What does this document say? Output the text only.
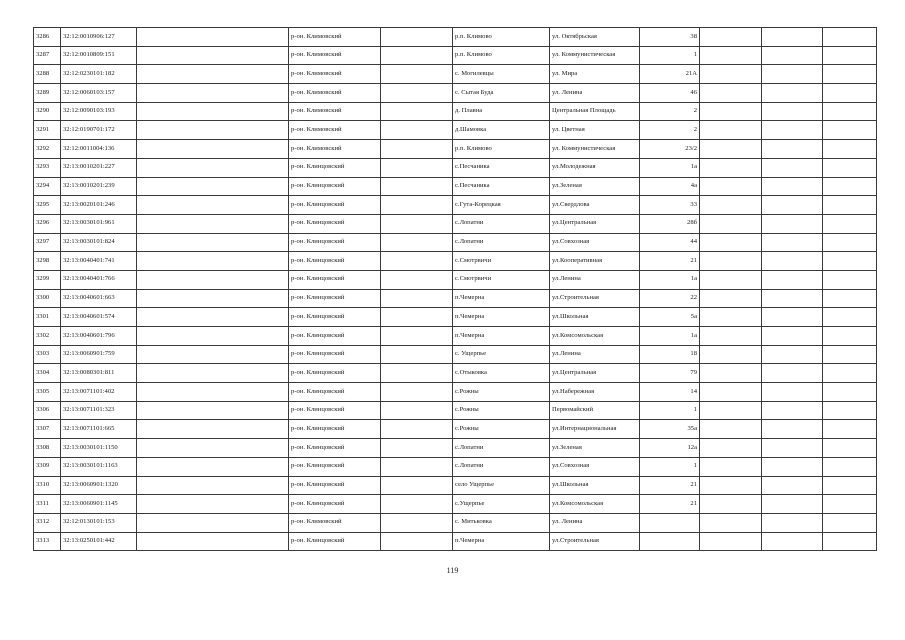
3286	32:12:0010906:127		р-он. Климовский		р.п. Климово	ул. Октябрьская	38			
3287	32:12:0010809:151		р-он. Климовский		р.п. Климово	ул. Коммунистическая	1			
3288	32:12:0230101:182		р-он. Климовский		с. Могилевцы	ул. Мира	21А			
3289	32:12:0060103:157		р-он. Климовский		с. Сытая Буда	ул. Ленина	46			
3290	32:12:0090103:193		р-он. Климовский		д. Плавна	Центральная Площадь	2			
3291	32:12:0190701:172		р-он. Климовский		д.Шамовка	ул. Цветная	2			
3292	32:12:0011004:136		р-он. Климовский		р.п. Климово	ул. Коммунистическая	23/2			
3293	32:13:0010201:227		р-он. Клинцовский		с.Песчаника	ул.Молодежная	1а			
3294	32:13:0010201:239		р-он. Клинцовский		с.Песчаника	ул.Зеленая	4а			
3295	32:13:0020101:246		р-он. Клинцовский		с.Гута-Корецкая	ул.Свердлова	33			
3296	32:13:0030101:961		р-он. Клинцовский		с.Лопатни	ул.Центральная	28б			
3297	32:13:0030101:824		р-он. Клинцовский		с.Лопатни	ул.Совхозная	44			
3298	32:13:0040401:741		р-он. Клинцовский		с.Смотрвичи	ул.Кооперативная	21			
3299	32:13:0040401:766		р-он. Клинцовский		с.Смотрвичи	ул.Ленина	1а			
3300	32:13:0040601:663		р-он. Клинцовский		п.Чемерна	ул.Строительная	22			
3301	32:13:0040601:574		р-он. Клинцовский		п.Чемерна	ул.Школьная	5а			
3302	32:13:0040601:796		р-он. Клинцовский		п.Чемерна	ул.Комсомольская	1а			
3303	32:13:0060901:759		р-он. Клинцовский		с. Ущерпье	ул.Ленина	18			
3304	32:13:0080301:811		р-он. Клинцовский		с.Отыковка	ул.Центральная	79			
3305	32:13:0071101:402		р-он. Клинцовский		с.Рожны	ул.Набережная	14			
3306	32:13:0071101:323		р-он. Клинцовский		с.Рожны	Первомайский	1			
3307	32:13:0071101:665		р-он. Клинцовский		с.Рожны	ул.Интернациональная	35а			
3308	32:13:0030101:1150		р-он. Клинцовский		с.Лопатни	ул.Зеленая	12а			
3309	32:13:0030101:1163		р-он. Клинцовский		с.Лопатни	ул.Совхозная	1			
3310	32:13:0060901:1320		р-он. Клинцовский		село Ущерпье	ул.Школьная	21			
3311	32:13:0060901:1145		р-он. Клинцовский		с.Ущерпье	ул.Комсомольская	21			
3312	32:12:0130101:153		р-он. Климовский		с. Митьковка	ул. Ленина				
3313	32:13:0250101:442		р-он. Клинцовский		п.Чемерна	ул.Строительная				
119
